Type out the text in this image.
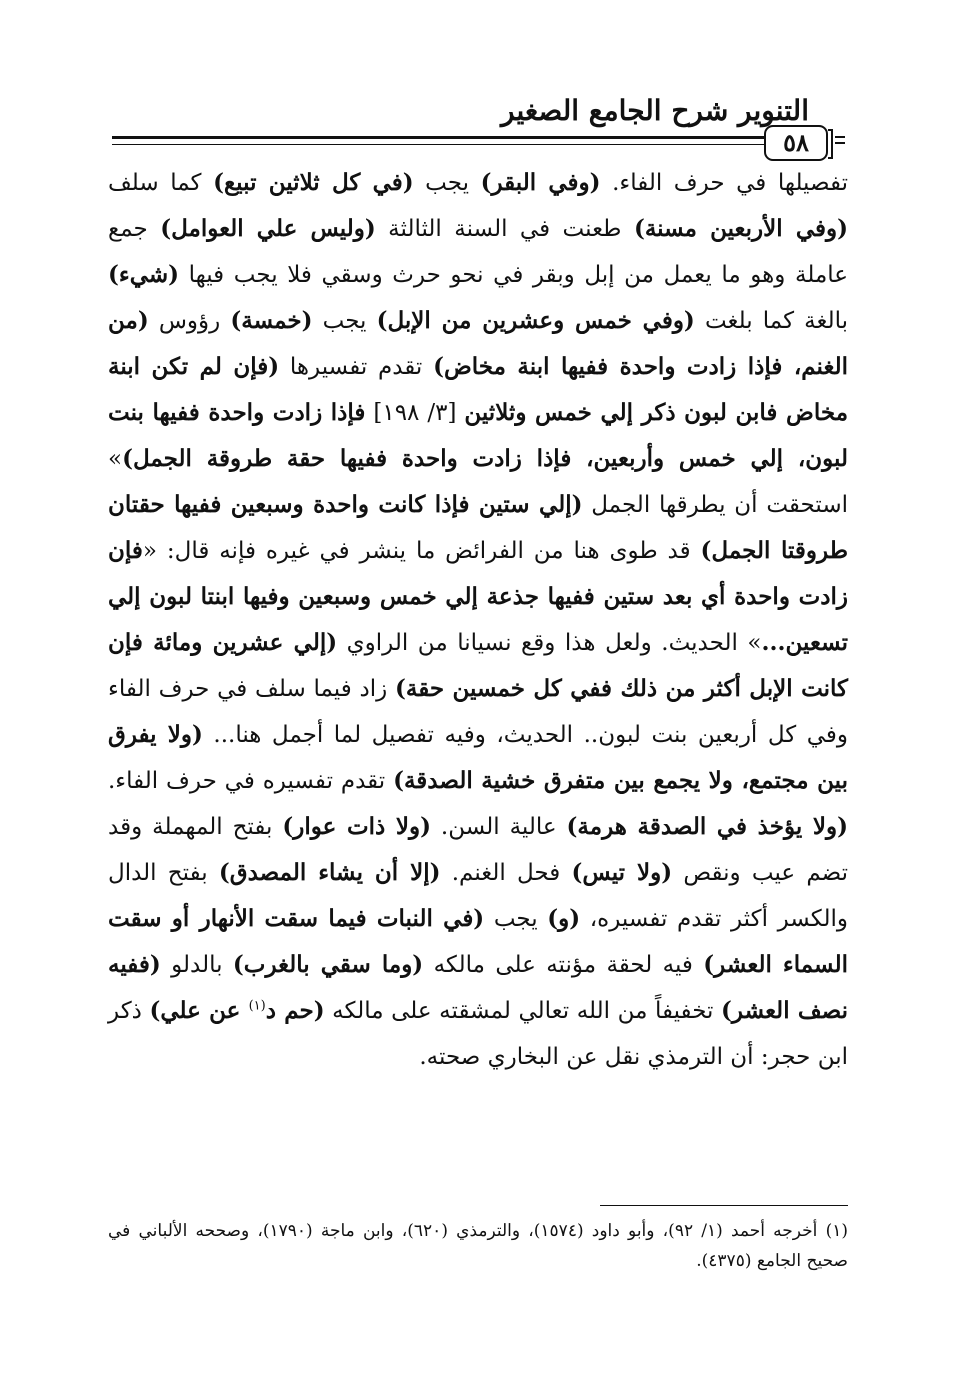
التنوير شرح الجامع الصغير
٥٨
تفصيلها في حرف الفاء. (وفي البقر) يجب (في كل ثلاثين تبيع) كما سلف (وفي الأربعين مسنة) طعنت في السنة الثالثة (وليس علي العوامل) جمع عاملة وهو ما يعمل من إبل وبقر في نحو حرث وسقي فلا يجب فيها (شيء) بالغة كما بلغت (وفي خمس وعشرين من الإبل) يجب (خمسة) رؤوس (من الغنم، فإذا زادت واحدة ففيها ابنة مخاض) تقدم تفسيرها (فإن لم تكن ابنة مخاض فابن لبون ذكر إلي خمس وثلاثين [٣/ ١٩٨] فإذا زادت واحدة ففيها بنت لبون، إلي خمس وأربعين، فإذا زادت واحدة ففيها حقة طروقة الجمل)» استحقت أن يطرقها الجمل (إلي ستين فإذا كانت واحدة وسبعين ففيها حقتان طروقتا الجمل) قد طوى هنا من الفرائض ما ينشر في غيره فإنه قال: «فإن زادت واحدة أي بعد ستين ففيها جذعة إلي خمس وسبعين وفيها ابنتا لبون إلي تسعين...» الحديث. ولعل هذا وقع نسيانا من الراوي (إلي عشرين ومائة فإن كانت الإبل أكثر من ذلك ففي كل خمسين حقة) زاد فيما سلف في حرف الفاء وفي كل أربعين بنت لبون.. الحديث، وفيه تفصيل لما أجمل هنا... (ولا يفرق بين مجتمع، ولا يجمع بين متفرق خشية الصدقة) تقدم تفسيره في حرف الفاء. (ولا يؤخذ في الصدقة هرمة) عالية السن. (ولا ذات عوار) بفتح المهملة وقد تضم عيب ونقص (ولا تيس) فحل الغنم. (إلا أن يشاء المصدق) بفتح الدال والكسر أكثر تقدم تفسيره، (و) يجب (في النبات فيما سقت الأنهار أو سقت السماء العشر) فيه لحقة مؤنته على مالكه (وما سقي بالغرب) بالدلو (ففيه نصف العشر) تخفيفاً من الله تعالي لمشقته على مالكه (حم د$^{(١)}$ عن علي) ذكر ابن حجر: أن الترمذي نقل عن البخاري صحته.
(١) أخرجه أحمد (١/ ٩٢)، وأبو داود (١٥٧٤)، والترمذي (٦٢٠)، وابن ماجة (١٧٩٠)، وصححه الألباني في صحيح الجامع (٤٣٧٥).
